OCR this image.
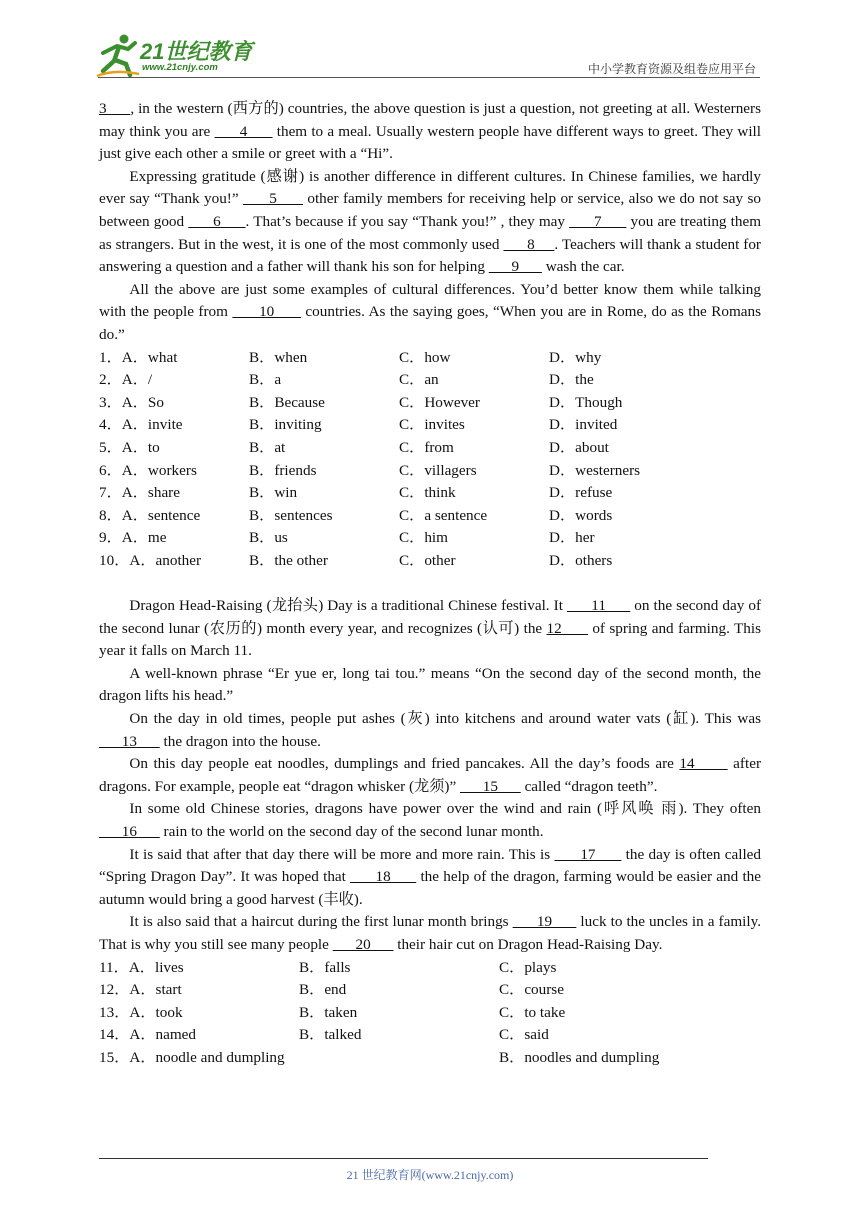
21世纪教育
www.21cnjy.com	中小学教育资源及组卷应用平台

3      , in the western (西方的) countries, the above question is just a question, not greeting at all. Westerners may think you are       4       them to a meal. Usually western people have different ways to greet. They will just give each other a smile or greet with a “Hi”.

Expressing gratitude (感谢) is another difference in different cultures. In Chinese families, we hardly ever say “Thank you!”       5       other family members for receiving help or service, also we do not say so between good       6      . That’s because if you say “Thank you!” , they may       7       you are treating them as strangers. But in the west, it is one of the most commonly used       8     . Teachers will thank a student for answering a question and a father will thank his son for helping       9       wash the car.

All the above are just some examples of cultural differences. You’d better know them while talking with the people from       10       countries. As the saying goes, “When you are in Rome, do as the Romans do.”

1．A．what	B．when	C．how	D．why
2．A．/	B．a	C．an	D．the
3．A．So	B．Because	C．However	D．Though
4．A．invite	B．inviting	C．invites	D．invited
5．A．to	B．at	C．from	D．about
6．A．workers	B．friends	C．villagers	D．westerners
7．A．share	B．win	C．think	D．refuse
8．A．sentence	B．sentences	C．a sentence	D．words
9．A．me	B．us	C．him	D．her
10．A．another	B．the other	C．other	D．others

Dragon Head-Raising (龙抬头) Day is a traditional Chinese festival. It       11       on the second day of the second lunar (农历的) month every year, and recognizes (认可) the 12       of spring and farming. This year it falls on March 11.

A well-known phrase “Er yue er, long tai tou.” means “On the second day of the second month, the dragon lifts his head.”

On the day in old times, people put ashes (灰) into kitchens and around water vats (缸). This was       13       the dragon into the house.

On this day people eat noodles, dumplings and fried pancakes. All the day’s foods are 14       after dragons. For example, people eat “dragon whisker (龙须)”       15       called “dragon teeth”.

In some old Chinese stories, dragons have power over the wind and rain (呼风唤 雨). They often       16       rain to the world on the second day of the second lunar month.

It is said that after that day there will be more and more rain. This is       17       the day is often called “Spring Dragon Day”. It was hoped that       18       the help of the dragon, farming would be easier and the autumn would bring a good harvest (丰收).

It is also said that a haircut during the first lunar month brings       19       luck to the uncles in a family. That is why you still see many people       20       their hair cut on Dragon Head-Raising Day.

11．A．lives	B．falls	C．plays
12．A．start	B．end	C．course
13．A．took	B．taken	C．to take
14．A．named	B．talked	C．said
15．A．noodle and dumpling	B．noodles and dumpling
21 世纪教育网(www.21cnjy.com)
